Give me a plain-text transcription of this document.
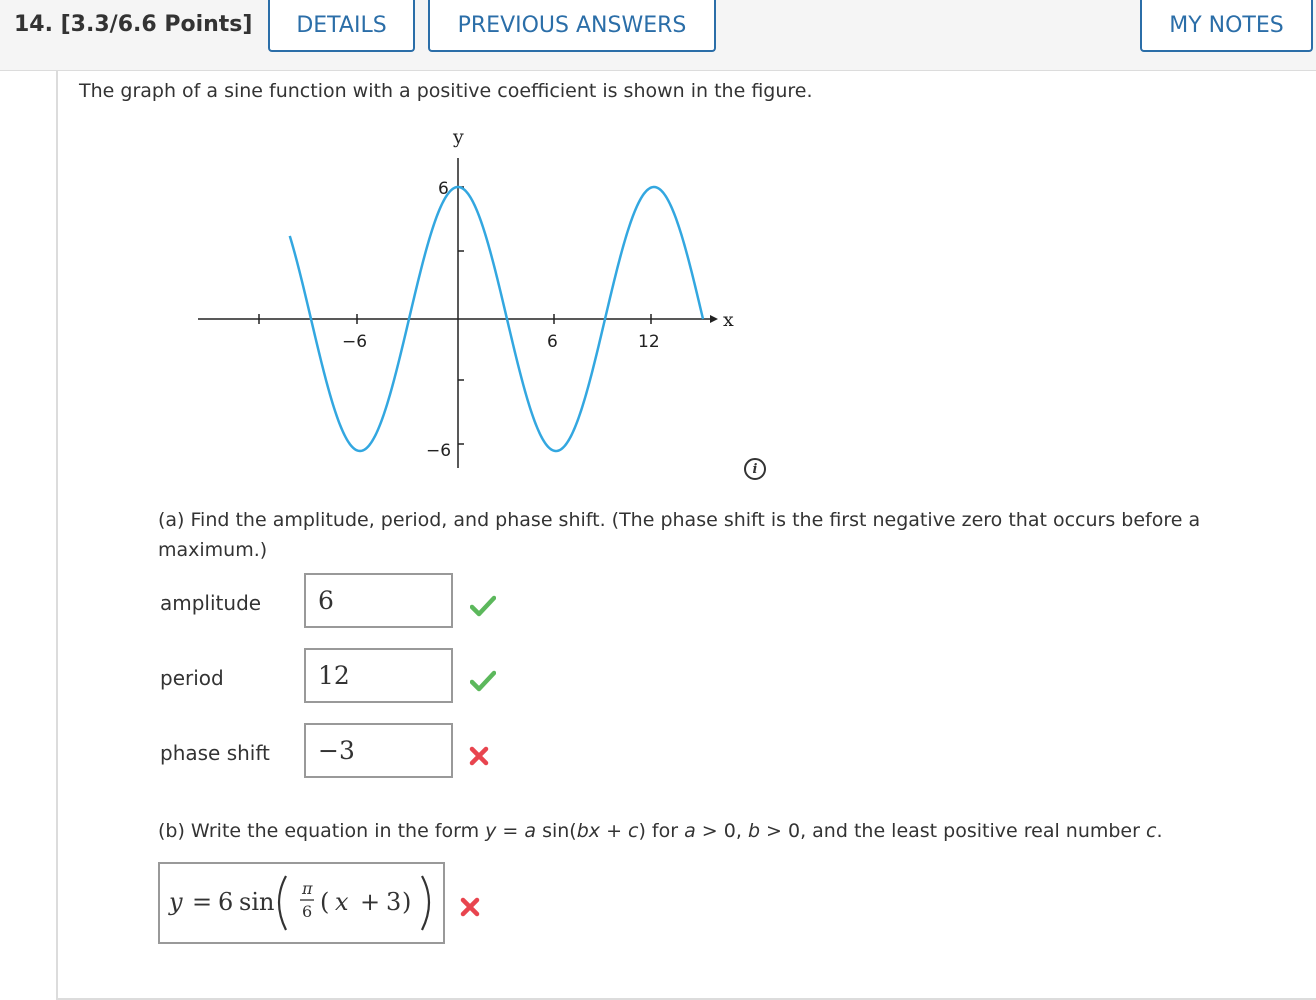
14. [3.3/6.6 Points]	DETAILS	PREVIOUS ANSWERS	MY NOTES
The graph of a sine function with a positive coefficient is shown in the figure.
y
x
−6	6	12
6
−6
i
(a) Find the amplitude, period, and phase shift. (The phase shift is the first negative zero that occurs before a maximum.)
amplitude	6
period	12
phase shift	−3
(b) Write the equation in the form y = a sin(bx + c) for a > 0, b > 0, and the least positive real number c.
y = 6 sin π
6 ( x + 3 )
